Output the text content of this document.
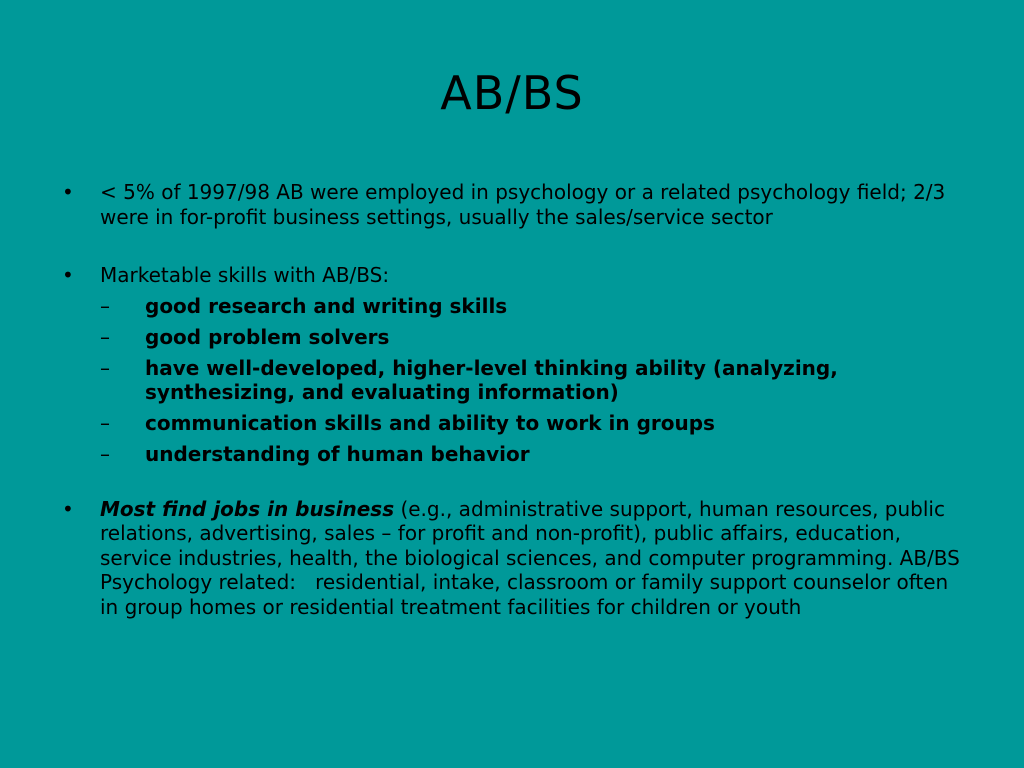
AB/BS
•	< 5% of 1997/98 AB were employed in psychology or a related psychology field; 2/3 were in for-profit business settings, usually the sales/service sector
•	Marketable skills with AB/BS:
– good research and writing skills
– good problem solvers
– have well-developed, higher-level thinking ability (analyzing, synthesizing, and evaluating information)
– communication skills and ability to work in groups
– understanding of human behavior
•	Most find jobs in business (e.g., administrative support, human resources, public relations, advertising, sales – for profit and non-profit), public affairs, education, service industries, health, the biological sciences, and computer programming. AB/BS Psychology related:   residential, intake, classroom or family support counselor often in group homes or residential treatment facilities for children or youth
